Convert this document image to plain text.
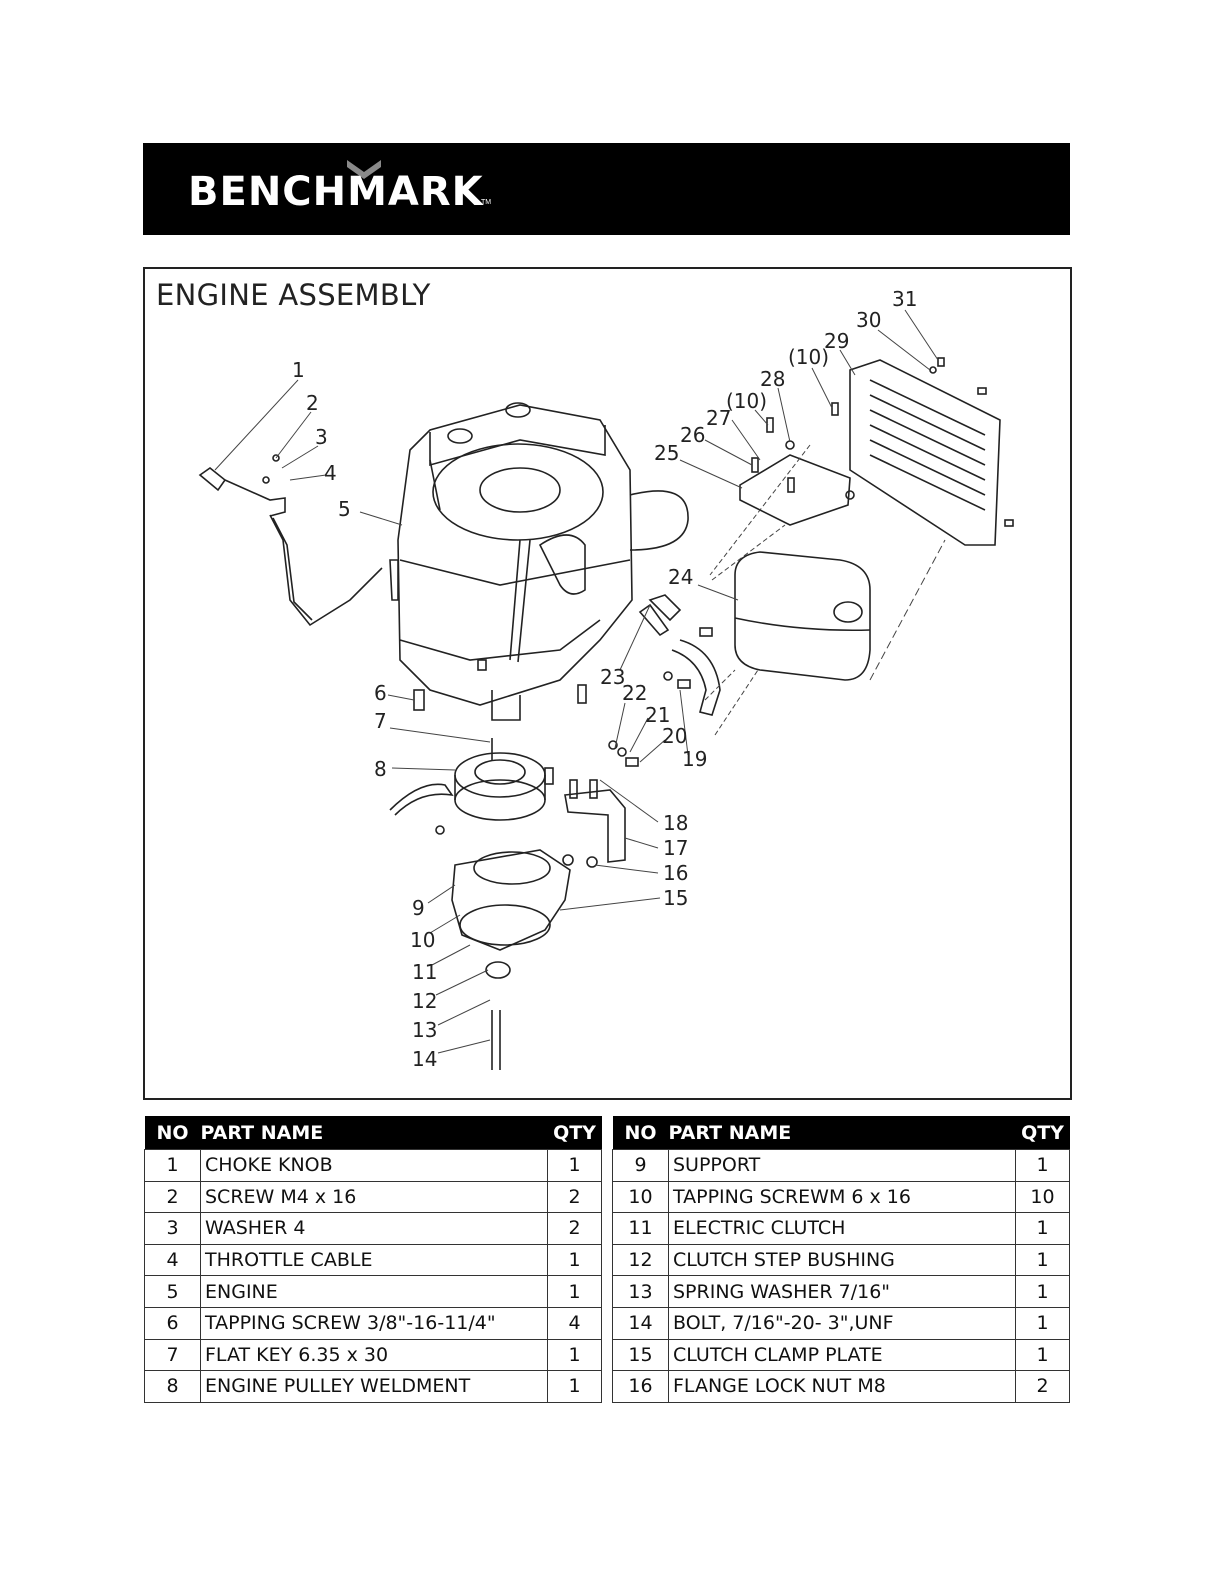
BENCHMARK
TM
ENGINE ASSEMBLY
1
2
3
4
5
6
7
8
9
10
11
12
13
14
15
16
17
18
19
20
21
22
23
24
25
26
27
(10)
28
(10)
29
30
31
NO	PART NAME	QTY
1	CHOKE KNOB	1
2	SCREW M4 x 16	2
3	WASHER 4	2
4	THROTTLE CABLE	1
5	ENGINE	1
6	TAPPING SCREW 3/8"-16-11/4"	4
7	FLAT KEY 6.35 x 30	1
8	ENGINE PULLEY WELDMENT	1
NO	PART NAME	QTY
9	SUPPORT	1
10	TAPPING SCREWM 6 x 16	10
11	ELECTRIC CLUTCH	1
12	CLUTCH STEP BUSHING	1
13	SPRING WASHER 7/16"	1
14	BOLT, 7/16"-20- 3",UNF	1
15	CLUTCH CLAMP PLATE	1
16	FLANGE LOCK NUT M8	2
